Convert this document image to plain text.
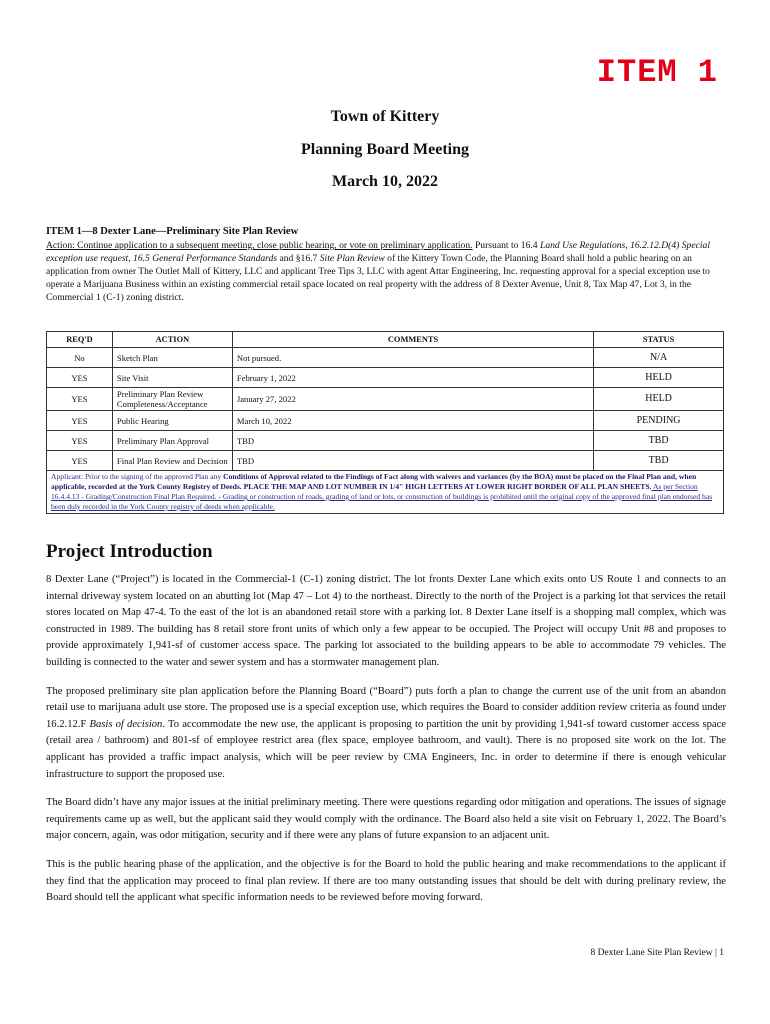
ITEM 1
Town of Kittery
Planning Board Meeting
March 10, 2022
ITEM 1—8 Dexter Lane—Preliminary Site Plan Review
Action: Continue application to a subsequent meeting, close public hearing, or vote on preliminary application. Pursuant to 16.4 Land Use Regulations, 16.2.12.D(4) Special exception use request, 16.5 General Performance Standards and §16.7 Site Plan Review of the Kittery Town Code, the Planning Board shall hold a public hearing on an application from owner The Outlet Mall of Kittery, LLC and applicant Tree Tips 3, LLC with agent Attar Engineering, Inc. requesting approval for a special exception use to operate a Marijuana Business within an existing commercial retail space located on real property with the address of 8 Dexter Avenue, Unit 8, Tax Map 47, Lot 3, in the Commercial 1 (C-1) zoning district.
REQ'D	ACTION	COMMENTS	STATUS
No	Sketch Plan	Not pursued.	N/A
YES	Site Visit	February 1, 2022	HELD
YES	Preliminary Plan Review Completeness/Acceptance	January 27, 2022	HELD
YES	Public Hearing	March 10, 2022	PENDING
YES	Preliminary Plan Approval	TBD	TBD
YES	Final Plan Review and Decision	TBD	TBD
Applicant: Prior to the signing of the approved Plan any Conditions of Approval related to the Findings of Fact along with waivers and variances (by the BOA) must be placed on the Final Plan and, when applicable, recorded at the York County Registry of Deeds. PLACE THE MAP AND LOT NUMBER IN 1/4" HIGH LETTERS AT LOWER RIGHT BORDER OF ALL PLAN SHEETS. As per Section 16.4.4.13 - Grading/Construction Final Plan Required. - Grading or construction of roads, grading of land or lots, or construction of buildings is prohibited until the original copy of the approved final plan endorsed has been duly recorded in the York County registry of deeds when applicable.			
Project Introduction

8 Dexter Lane (“Project”) is located in the Commercial-1 (C-1) zoning district. The lot fronts Dexter Lane which exits onto US Route 1 and connects to an internal driveway system located on an abutting lot (Map 47 – Lot 4) to the northeast. Directly to the north of the Project is a parking lot that services the retail stores located on Map 47-4. To the east of the lot is an abandoned retail store with a parking lot. 8 Dexter Lane itself is a shopping mall complex, which was constructed in 1989. The building has 8 retail store front units of which only a few appear to be occupied. The Project will occupy Unit #8 and proposes to provide approximately 1,941-sf of customer access space. The parking lot associated to the building appears to be able to accommodate 79 vehicles. The building is connected to the water and sewer system and has a stormwater management plan.

The proposed preliminary site plan application before the Planning Board (“Board”) puts forth a plan to change the current use of the unit from an abandon retail use to marijuana adult use store. The proposed use is a special exception use, which requires the Board to consider addition review criteria as found under 16.2.12.F Basis of decision. To accommodate the new use, the applicant is proposing to partition the unit by providing 1,941-sf toward customer access space (retail area / bathroom) and 801-sf of employee restrict area (flex space, employee bathroom, and vault). There is no proposed site work on the lot. The applicant has provided a traffic impact analysis, which will be peer review by CMA Engineers, Inc. in order to determine if there is enough vehicular infrastructure to support the proposed use.

The Board didn’t have any major issues at the initial preliminary meeting. There were questions regarding odor mitigation and operations. The issues of signage requirements came up as well, but the applicant said they would comply with the ordinance. The Board also held a site visit on February 1, 2022. The Board’s major concern, again, was odor mitigation, security and if there were any plans of future expansion to an adjacent unit.

This is the public hearing phase of the application, and the objective is for the Board to hold the public hearing and make recommendations to the applicant if they find that the application may proceed to final plan review. If there are too many outstanding issues that should be delt with during prelinary review, the Board should tell the applicant what specific information needs to be reviewed before moving forward.

8 Dexter Lane Site Plan Review | 1
